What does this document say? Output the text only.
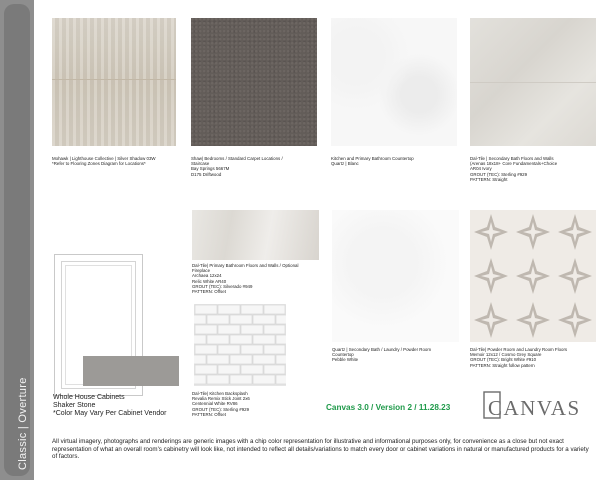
Classic | Overture
Mohawk | Lighthouse Collective | Silver Shadow 03W
*Refer to Flooring Zones Diagram for Locations*
Shaw| Bedrooms / Standard Carpet Locations /
Staircase
Bay Springs 5667M
D175 Driftwood
Kitchen and Primary Bathroom Countertop
Quartz | Blanc
Dal-Tile | Secondary Bath Floors and Walls
(Arenas 18x18+ Core Fundamentals+Choice
AR04 Ivory
GROUT (TEC): Sterling #929
PATTERN: Straight
Whole House Cabinets
Shaker Stone
*Color May Vary Per Cabinet Vendor
Dal-Tile| Primary Bathroom Floors and Walls / Optional
Fireplace
Archaea 12x24
Relic White AR40
GROUT (TEC): Silverado #949
PATTERN: Offset
Dal-Tile| Kitchen Backsplash
Revalia Remix Stick Joint 2x6
Centennial White RV86
GROUT (TEC): Sterling #929
PATTERN: Offset
Quartz | Secondary Bath / Laundry / Powder Room
Countertop
Pebble White
Dal-Tile| Powder Room and Laundry Room Floors
Memoir 12x12 / Cosmo Grey Square
GROUT (TEC): Bright White #910
PATTERN: Straight follow pattern
Canvas 3.0 / Version 2 / 11.28.23 CANVAS
All virtual imagery, photographs and renderings are generic images with a chip color representation for illustrative and informational purposes only, for convenience as a close but not exact representation of what an overall room's cabinetry will look like, not intended to reflect all details/variations to match every door or cabinet variations in natural or manufactured products for a variety of factors.
